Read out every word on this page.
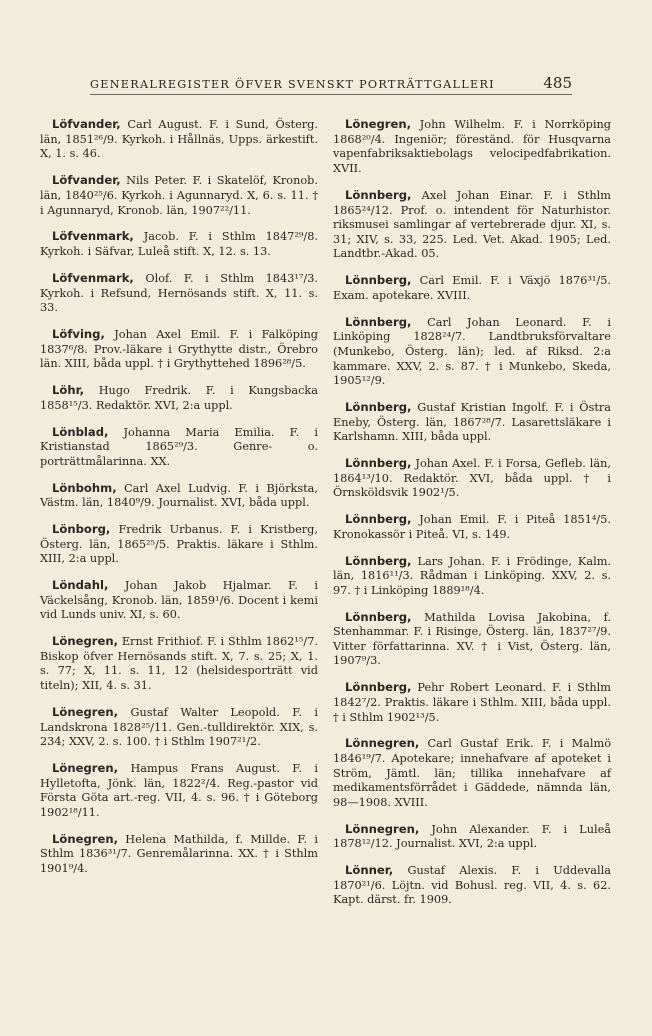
GENERALREGISTER ÖFVER SVENSKT PORTRÄTTGALLERI	485

Löfvander, Carl August. F. i Sund, Österg. län, 1851²⁶/9. Kyrkoh. i Hållnäs, Upps. ärkestift. X, 1. s. 46.

Löfvander, Nils Peter. F. i Skatelöf, Kronob. län, 1840²⁵/6. Kyrkoh. i Agunnaryd. X, 6. s. 11. † i Agunnaryd, Kronob. län, 1907²²/11.

Löfvenmark, Jacob. F. i Sthlm 1847²⁹/8. Kyrkoh. i Säfvar, Luleå stift. X, 12. s. 13.

Löfvenmark, Olof. F. i Sthlm 1843¹⁷/3. Kyrkoh. i Refsund, Hernösands stift. X, 11. s. 33.

Löfving, Johan Axel Emil. F. i Falköping 1837⁶/8. Prov.-läkare i Grythytte distr., Örebro län. XIII, båda uppl. † i Grythyttehed 1896²⁸/5.

Löhr, Hugo Fredrik. F. i Kungsbacka 1858¹⁵/3. Redaktör. XVI, 2:a uppl.

Lönblad, Johanna Maria Emilia. F. i Kristianstad 1865²⁹/3. Genre- o. porträttmålarinna. XX.

Lönbohm, Carl Axel Ludvig. F. i Björksta, Västm. län, 1840⁹/9. Journalist. XVI, båda uppl.

Lönborg, Fredrik Urbanus. F. i Kristberg, Österg. län, 1865²⁵/5. Praktis. läkare i Sthlm. XIII, 2:a uppl.

Löndahl, Johan Jakob Hjalmar. F. i Väckelsång, Kronob. län, 1859¹/6. Docent i kemi vid Lunds univ. XI, s. 60.

Lönegren, Ernst Frithiof. F. i Sthlm 1862¹⁵/7. Biskop öfver Hernösands stift. X, 7. s. 25; X, 1. s. 77; X, 11. s. 11, 12 (helsidesporträtt vid titeln); XII, 4. s. 31.

Lönegren, Gustaf Walter Leopold. F. i Landskrona 1828²⁵/11. Gen.-tulldirektör. XIX, s. 234; XXV, 2. s. 100. † i Sthlm 1907²¹/2.

Lönegren, Hampus Frans August. F. i Hylletofta, Jönk. län, 1822²/4. Reg.-pastor vid Första Göta art.-reg. VII, 4. s. 96. † i Göteborg 1902¹⁸/11.

Lönegren, Helena Mathilda, f. Millde. F. i Sthlm 1836³¹/7. Genremålarinna. XX. † i Sthlm 1901⁹/4.

Lönegren, John Wilhelm. F. i Norrköping 1868²⁰/4. Ingeniör; föreständ. för Husqvarna vapenfabriksaktiebolags velocipedfabrikation. XVII.

Lönnberg, Axel Johan Einar. F. i Sthlm 1865²⁴/12. Prof. o. intendent för Naturhistor. riksmusei samlingar af vertebrerade djur. XI, s. 31; XIV, s. 33, 225. Led. Vet. Akad. 1905; Led. Landtbr.-Akad. 05.

Lönnberg, Carl Emil. F. i Växjö 1876³¹/5. Exam. apotekare. XVIII.

Lönnberg, Carl Johan Leonard. F. i Linköping 1828²⁴/7. Landtbruksförvaltare (Munkebo, Österg. län); led. af Riksd. 2:a kammare. XXV, 2. s. 87. † i Munkebo, Skeda, 1905¹²/9.

Lönnberg, Gustaf Kristian Ingolf. F. i Östra Eneby, Österg. län, 1867²⁸/7. Lasarettsläkare i Karlshamn. XIII, båda uppl.

Lönnberg, Johan Axel. F. i Forsa, Gefleb. län, 1864¹³/10. Redaktör. XVI, båda uppl. † i Örnsköldsvik 1902¹/5.

Lönnberg, Johan Emil. F. i Piteå 1851⁴/5. Kronokassör i Piteå. VI, s. 149.

Lönnberg, Lars Johan. F. i Frödinge, Kalm. län, 1816¹¹/3. Rådman i Linköping. XXV, 2. s. 97. † i Linköping 1889¹⁸/4.

Lönnberg, Mathilda Lovisa Jakobina, f. Stenhammar. F. i Risinge, Österg. län, 1837²⁷/9. Vitter författarinna. XV. † i Vist, Österg. län, 1907⁹/3.

Lönnberg, Pehr Robert Leonard. F. i Sthlm 1842⁷/2. Praktis. läkare i Sthlm. XIII, båda uppl. † i Sthlm 1902¹³/5.

Lönnegren, Carl Gustaf Erik. F. i Malmö 1846¹⁹/7. Apotekare; innehafvare af apoteket i Ström, Jämtl. län; tillika innehafvare af medikamentsförrådet i Gäddede, nämnda län, 98—1908. XVIII.

Lönnegren, John Alexander. F. i Luleå 1878¹²/12. Journalist. XVI, 2:a uppl.

Lönner, Gustaf Alexis. F. i Uddevalla 1870²¹/6. Löjtn. vid Bohusl. reg. VII, 4. s. 62. Kapt. därst. fr. 1909.
